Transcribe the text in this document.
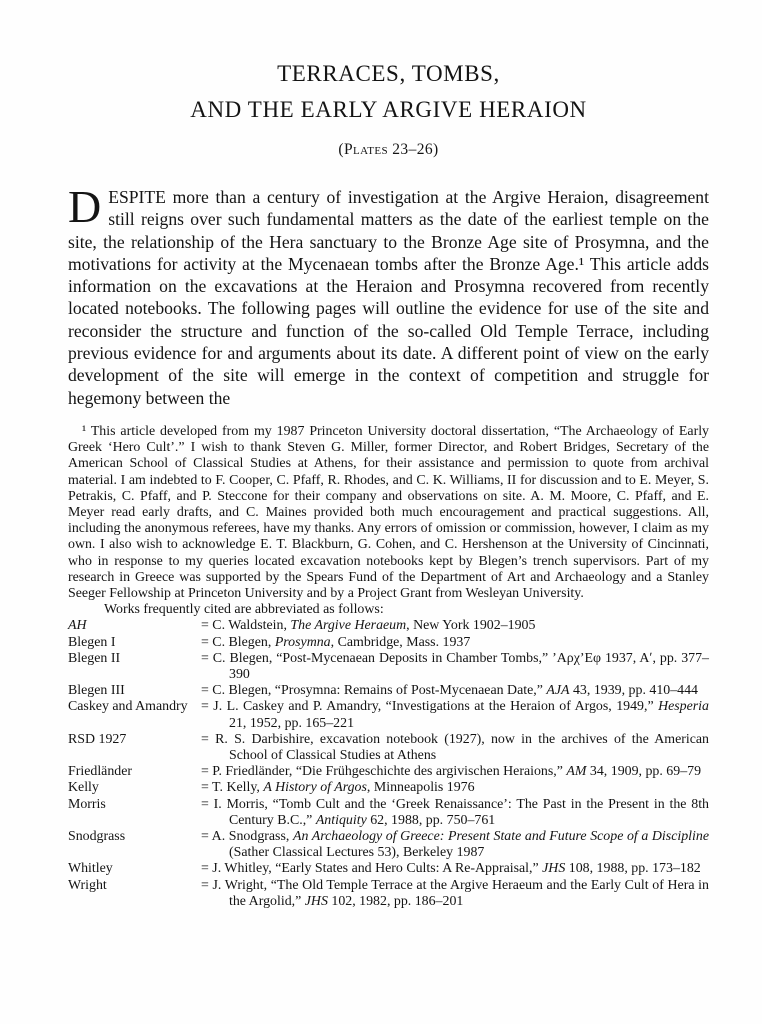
TERRACES, TOMBS,
AND THE EARLY ARGIVE HERAION
(Plates 23–26)

DESPITE more than a century of investigation at the Argive Heraion, disagreement still reigns over such fundamental matters as the date of the earliest temple on the site, the relationship of the Hera sanctuary to the Bronze Age site of Prosymna, and the motivations for activity at the Mycenaean tombs after the Bronze Age.¹ This article adds information on the excavations at the Heraion and Prosymna recovered from recently located notebooks. The following pages will outline the evidence for use of the site and reconsider the structure and function of the so-called Old Temple Terrace, including previous evidence for and arguments about its date. A different point of view on the early development of the site will emerge in the context of competition and struggle for hegemony between the

¹ This article developed from my 1987 Princeton University doctoral dissertation, “The Archaeology of Early Greek ‘Hero Cult’.” I wish to thank Steven G. Miller, former Director, and Robert Bridges, Secretary of the American School of Classical Studies at Athens, for their assistance and permission to quote from archival material. I am indebted to F. Cooper, C. Pfaff, R. Rhodes, and C. K. Williams, II for discussion and to E. Meyer, S. Petrakis, C. Pfaff, and P. Steccone for their company and observations on site. A. M. Moore, C. Pfaff, and E. Meyer read early drafts, and C. Maines provided both much encouragement and practical suggestions. All, including the anonymous referees, have my thanks. Any errors of omission or commission, however, I claim as my own. I also wish to acknowledge E. T. Blackburn, G. Cohen, and C. Hershenson at the University of Cincinnati, who in response to my queries located excavation notebooks kept by Blegen’s trench supervisors. Part of my research in Greece was supported by the Spears Fund of the Department of Art and Archaeology and a Stanley Seeger Fellowship at Princeton University and by a Project Grant from Wesleyan University.

Works frequently cited are abbreviated as follows:

AH	= C. Waldstein, The Argive Heraeum, New York 1902–1905
Blegen I	= C. Blegen, Prosymna, Cambridge, Mass. 1937
Blegen II	= C. Blegen, “Post-Mycenaean Deposits in Chamber Tombs,” ʼΑρχʼΕφ 1937, Αʹ, pp. 377–390
Blegen III	= C. Blegen, “Prosymna: Remains of Post-Mycenaean Date,” AJA 43, 1939, pp. 410–444
Caskey and Amandry = J. L. Caskey and P. Amandry, “Investigations at the Heraion of Argos, 1949,” Hesperia 21, 1952, pp. 165–221
RSD 1927	= R. S. Darbishire, excavation notebook (1927), now in the archives of the American School of Classical Studies at Athens
Friedländer	= P. Friedländer, “Die Frühgeschichte des argivischen Heraions,” AM 34, 1909, pp. 69–79
Kelly	= T. Kelly, A History of Argos, Minneapolis 1976
Morris	= I. Morris, “Tomb Cult and the ‘Greek Renaissance’: The Past in the Present in the 8th Century B.C.,” Antiquity 62, 1988, pp. 750–761
Snodgrass	= A. Snodgrass, An Archaeology of Greece: Present State and Future Scope of a Discipline (Sather Classical Lectures 53), Berkeley 1987
Whitley	= J. Whitley, “Early States and Hero Cults: A Re-Appraisal,” JHS 108, 1988, pp. 173–182
Wright	= J. Wright, “The Old Temple Terrace at the Argive Heraeum and the Early Cult of Hera in the Argolid,” JHS 102, 1982, pp. 186–201
